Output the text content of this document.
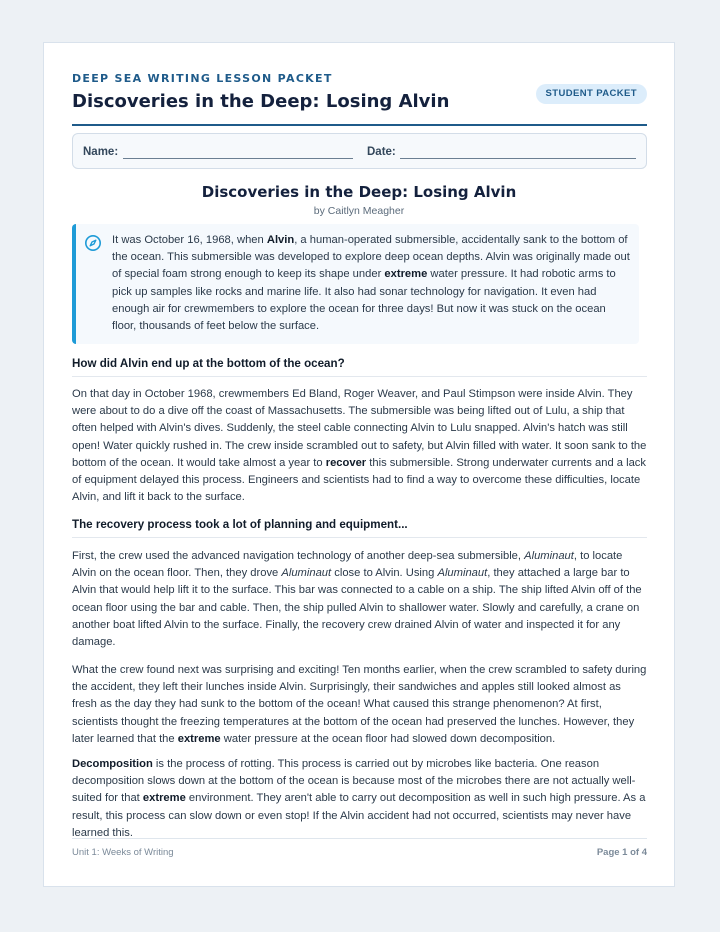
DEEP SEA WRITING LESSON PACKET
Discoveries in the Deep: Losing Alvin	STUDENT PACKET
Name:	Date:
Discoveries in the Deep: Losing Alvin
by Caitlyn Meagher

It was October 16, 1968, when Alvin, a human-operated submersible, accidentally sank to the bottom of the ocean. This submersible was developed to explore deep ocean depths. Alvin was originally made out of special foam strong enough to keep its shape under extreme water pressure. It had robotic arms to pick up samples like rocks and marine life. It also had sonar technology for navigation. It even had enough air for crewmembers to explore the ocean for three days! But now it was stuck on the ocean floor, thousands of feet below the surface.

How did Alvin end up at the bottom of the ocean?

On that day in October 1968, crewmembers Ed Bland, Roger Weaver, and Paul Stimpson were inside Alvin. They were about to do a dive off the coast of Massachusetts. The submersible was being lifted out of Lulu, a ship that often helped with Alvin's dives. Suddenly, the steel cable connecting Alvin to Lulu snapped. Alvin's hatch was still open! Water quickly rushed in. The crew inside scrambled out to safety, but Alvin filled with water. It soon sank to the bottom of the ocean. It would take almost a year to recover this submersible. Strong underwater currents and a lack of equipment delayed this process. Engineers and scientists had to find a way to overcome these difficulties, locate Alvin, and lift it back to the surface.

The recovery process took a lot of planning and equipment...

First, the crew used the advanced navigation technology of another deep-sea submersible, Aluminaut, to locate Alvin on the ocean floor. Then, they drove Aluminaut close to Alvin. Using Aluminaut, they attached a large bar to Alvin that would help lift it to the surface. This bar was connected to a cable on a ship. The ship lifted Alvin off of the ocean floor using the bar and cable. Then, the ship pulled Alvin to shallower water. Slowly and carefully, a crane on another boat lifted Alvin to the surface. Finally, the recovery crew drained Alvin of water and inspected it for any damage.

What the crew found next was surprising and exciting! Ten months earlier, when the crew scrambled to safety during the accident, they left their lunches inside Alvin. Surprisingly, their sandwiches and apples still looked almost as fresh as the day they had sunk to the bottom of the ocean! What caused this strange phenomenon? At first, scientists thought the freezing temperatures at the bottom of the ocean had preserved the lunches. However, they later learned that the extreme water pressure at the ocean floor had slowed down decomposition.

Decomposition is the process of rotting. This process is carried out by microbes like bacteria. One reason decomposition slows down at the bottom of the ocean is because most of the microbes there are not actually well-suited for that extreme environment. They aren't able to carry out decomposition as well in such high pressure. As a result, this process can slow down or even stop! If the Alvin accident had not occurred, scientists may never have learned this.

Unit 1: Weeks of Writing	Page 1 of 4
